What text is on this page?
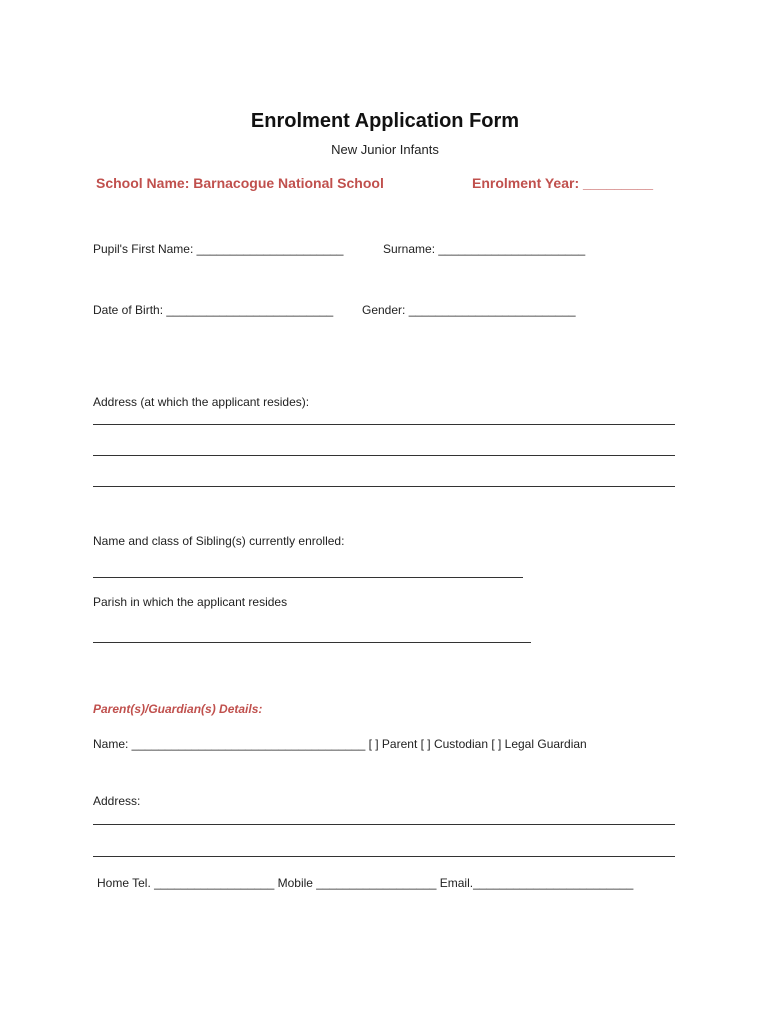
Enrolment Application Form
New Junior Infants
School Name: Barnacogue National School	Enrolment Year: _________
Pupil's First Name: ______________________	Surname: ______________________
Date of Birth: _________________________ Gender: _________________________
Address (at which the applicant resides):
Name and class of Sibling(s) currently enrolled:
Parish in which the applicant resides
Parent(s)/Guardian(s) Details:
Name: ___________________________________ [ ] Parent [ ] Custodian [ ] Legal Guardian
Address:
Home Tel. __________________ Mobile __________________ Email.________________________
